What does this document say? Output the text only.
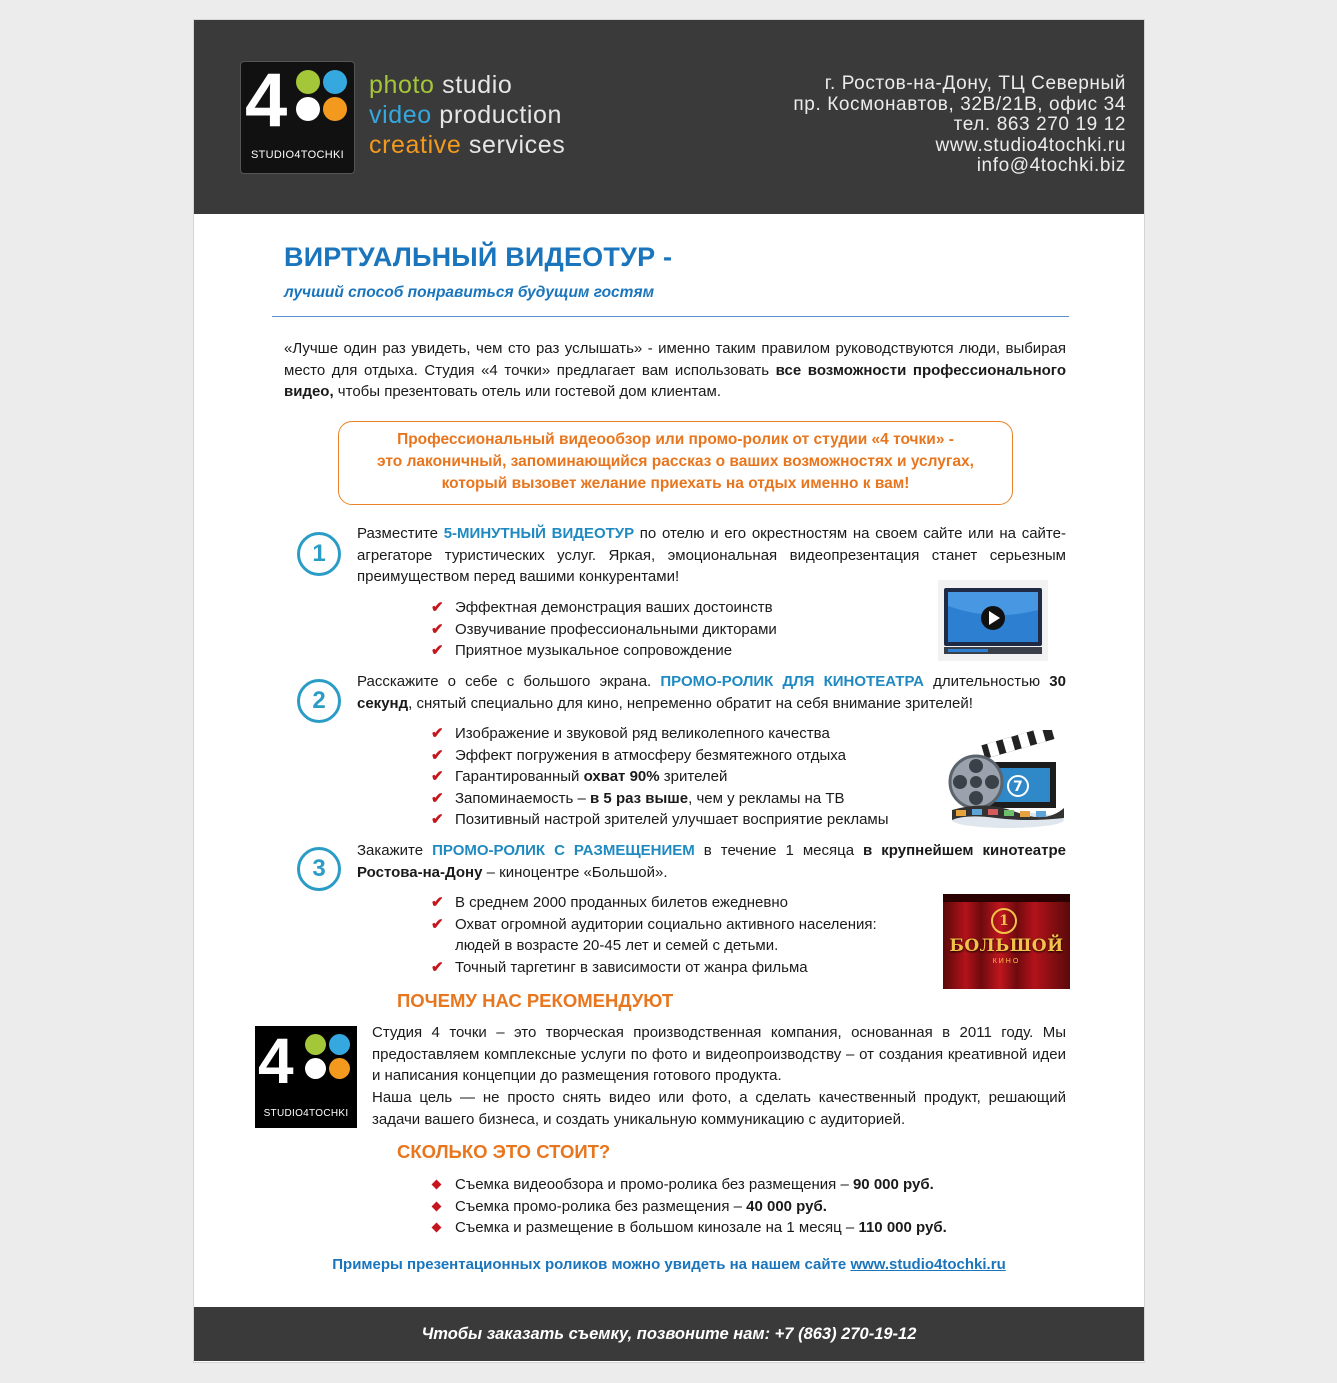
4
STUDIO4TOCHKI
photo studio
video production
creative services
г. Ростов-на-Дону, ТЦ Северный
пр. Космонавтов, 32В/21В, офис 34
тел. 863 270 19 12
www.studio4tochki.ru
info@4tochki.biz
ВИРТУАЛЬНЫЙ ВИДЕОТУР -
лучший способ понравиться будущим гостям
«Лучше один раз увидеть, чем сто раз услышать» - именно таким правилом руководствуются люди, выбирая место для отдыха. Студия «4 точки» предлагает вам использовать все возможности профессионального видео, чтобы презентовать отель или гостевой дом клиентам.
Профессиональный видеообзор или промо-ролик от студии «4 точки» -
это лаконичный, запоминающийся рассказ о ваших возможностях и услугах,
который вызовет желание приехать на отдых именно к вам!
1
Разместите 5-МИНУТНЫЙ ВИДЕОТУР по отелю и его окрестностям на своем сайте или на сайте-агрегаторе туристических услуг. Яркая, эмоциональная видеопрезентация станет серьезным преимуществом перед вашими конкурентами!
✔ Эффектная демонстрация ваших достоинств
✔ Озвучивание профессиональными дикторами
✔ Приятное музыкальное сопровождение
2
Расскажите о себе с большого экрана. ПРОМО-РОЛИК ДЛЯ КИНОТЕАТРА длительностью 30 секунд, снятый специально для кино, непременно обратит на себя внимание зрителей!
✔ Изображение и звуковой ряд великолепного качества
✔ Эффект погружения в атмосферу безмятежного отдыха
✔ Гарантированный охват 90% зрителей
✔ Запоминаемость – в 5 раз выше, чем у рекламы на ТВ
✔ Позитивный настрой зрителей улучшает восприятие рекламы
7
3
Закажите ПРОМО-РОЛИК С РАЗМЕЩЕНИЕМ в течение 1 месяца в крупнейшем кинотеатре Ростова-на-Дону – киноцентре «Большой».
✔ В среднем 2000 проданных билетов ежедневно
✔ Охват огромной аудитории социально активного населения:
людей в возрасте 20-45 лет и семей с детьми.
✔ Точный таргетинг в зависимости от жанра фильма
1
БОЛЬШОЙ
КИНО
ПОЧЕМУ НАС РЕКОМЕНДУЮТ
4
STUDIO4TOCHKI
Студия 4 точки – это творческая производственная компания, основанная в 2011 году. Мы предоставляем комплексные услуги по фото и видеопроизводству – от создания креативной идеи и написания концепции до размещения готового продукта.
Наша цель — не просто снять видео или фото, а сделать качественный продукт, решающий задачи вашего бизнеса, и создать уникальную коммуникацию с аудиторией.
СКОЛЬКО ЭТО СТОИТ?
Съемка видеообзора и промо-ролика без размещения – 90 000 руб.
Съемка промо-ролика без размещения – 40 000 руб.
Съемка и размещение в большом кинозале на 1 месяц – 110 000 руб.
Примеры презентационных роликов можно увидеть на нашем сайте www.studio4tochki.ru
Чтобы заказать съемку, позвоните нам: +7 (863) 270-19-12
